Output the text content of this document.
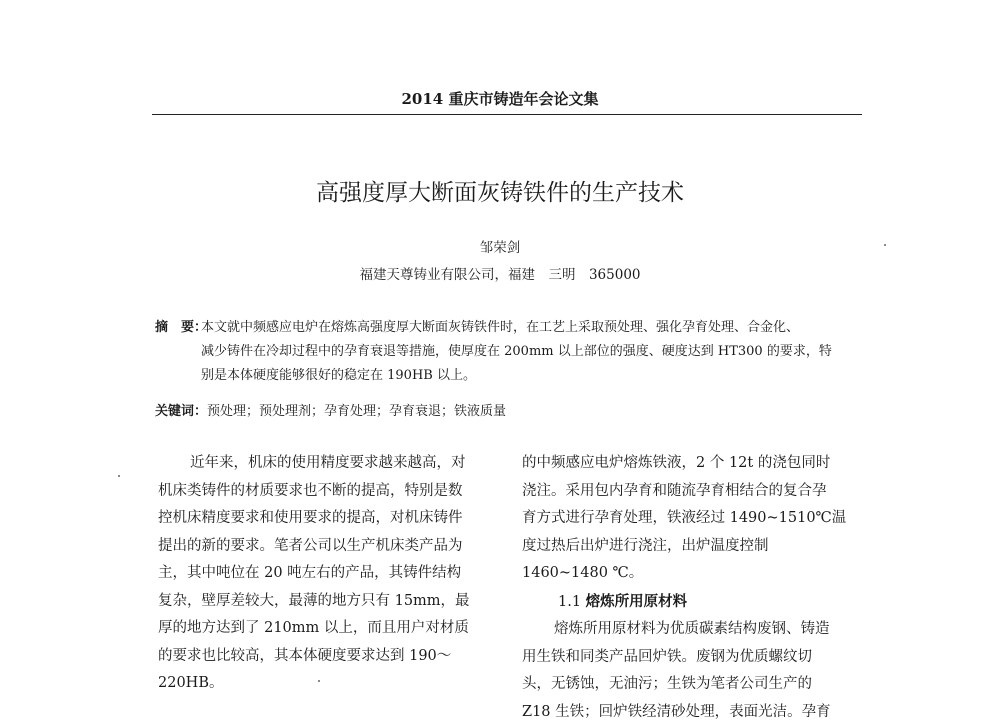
2014 重庆市铸造年会论文集
高强度厚大断面灰铸铁件的生产技术
邹荣剑
福建天尊铸业有限公司，福建　三明　365000
摘　要：本文就中频感应电炉在熔炼高强度厚大断面灰铸铁件时，在工艺上采取预处理、强化孕育处理、合金化、
减少铸件在冷却过程中的孕育衰退等措施，使厚度在 200mm 以上部位的强度、硬度达到 HT300 的要求，特
别是本体硬度能够很好的稳定在 190HB 以上。
关键词：预处理；预处理剂；孕育处理；孕育衰退；铁液质量

近年来，机床的使用精度要求越来越高，对

机床类铸件的材质要求也不断的提高，特别是数

控机床精度要求和使用要求的提高，对机床铸件

提出的新的要求。笔者公司以生产机床类产品为

主，其中吨位在 20 吨左右的产品，其铸件结构

复杂，壁厚差较大，最薄的地方只有 15mm，最

厚的地方达到了 210mm 以上，而且用户对材质

的要求也比较高，其本体硬度要求达到 190～

220HB。

的中频感应电炉熔炼铁液，2 个 12t 的浇包同时

浇注。采用包内孕育和随流孕育相结合的复合孕

育方式进行孕育处理，铁液经过 1490~1510℃温

度过热后出炉进行浇注，出炉温度控制

1460~1480 ℃。

1.1 熔炼所用原材料

熔炼所用原材料为优质碳素结构废钢、铸造

用生铁和同类产品回炉铁。废钢为优质螺纹切

头，无锈蚀，无油污；生铁为笔者公司生产的

Z18 生铁；回炉铁经清砂处理，表面光洁。孕育
